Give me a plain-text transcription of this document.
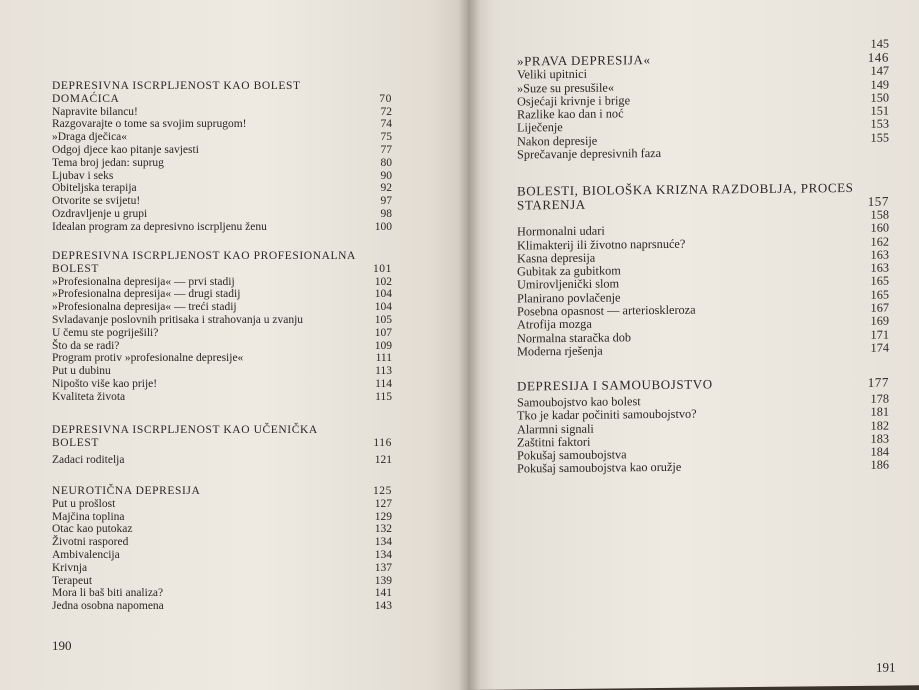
DEPRESIVNA ISCRPLJENOST KAO BOLEST
DOMAĆICA	70
Napravite bilancu!	72
Razgovarajte o tome sa svojim suprugom!	74
»Draga dječica«	75
Odgoj djece kao pitanje savjesti	77
Tema broj jedan: suprug	80
Ljubav i seks	90
Obiteljska terapija	92
Otvorite se svijetu!	97
Ozdravljenje u grupi	98
Idealan program za depresivno iscrpljenu ženu	100
DEPRESIVNA ISCRPLJENOST KAO PROFESIONALNA
BOLEST	101
»Profesionalna depresija« — prvi stadij	102
»Profesionalna depresija« — drugi stadij	104
»Profesionalna depresija« — treći stadij	104
Svladavanje poslovnih pritisaka i strahovanja u zvanju	105
U čemu ste pogriješili?	107
Što da se radi?	109
Program protiv »profesionalne depresije«	111
Put u dubinu	113
Nipošto više kao prije!	114
Kvaliteta života	115
DEPRESIVNA ISCRPLJENOST KAO UČENIČKA
BOLEST	116
Zadaci roditelja	121
NEUROTIČNA DEPRESIJA	125
Put u prošlost	127
Majčina toplina	129
Otac kao putokaz	132
Životni raspored	134
Ambivalencija	134
Krivnja	137
Terapeut	139
Mora li baš biti analiza?	141
Jedna osobna napomena	143
190
145
»PRAVA DEPRESIJA«	146
Veliki upitnici	147
»Suze su presušile«	149
Osjećaji krivnje i brige	150
Razlike kao dan i noć	151
Liječenje	153
Nakon depresije	155
Sprečavanje depresivnih faza
BOLESTI, BIOLOŠKA KRIZNA RAZDOBLJA, PROCES
STARENJA	157
158
Hormonalni udari	160
Klimakterij ili životno naprsnuće?	162
Kasna depresija	163
Gubitak za gubitkom	163
Umirovljenički slom	165
Planirano povlačenje	165
Posebna opasnost — arterioskleroza	167
Atrofija mozga	169
Normalna staračka dob	171
Moderna rješenja	174
DEPRESIJA I SAMOUBOJSTVO	177
Samoubojstvo kao bolest	178
Tko je kadar počiniti samoubojstvo?	181
Alarmni signali	182
Zaštitni faktori	183
Pokušaj samoubojstva	184
Pokušaj samoubojstva kao oružje	186
191
